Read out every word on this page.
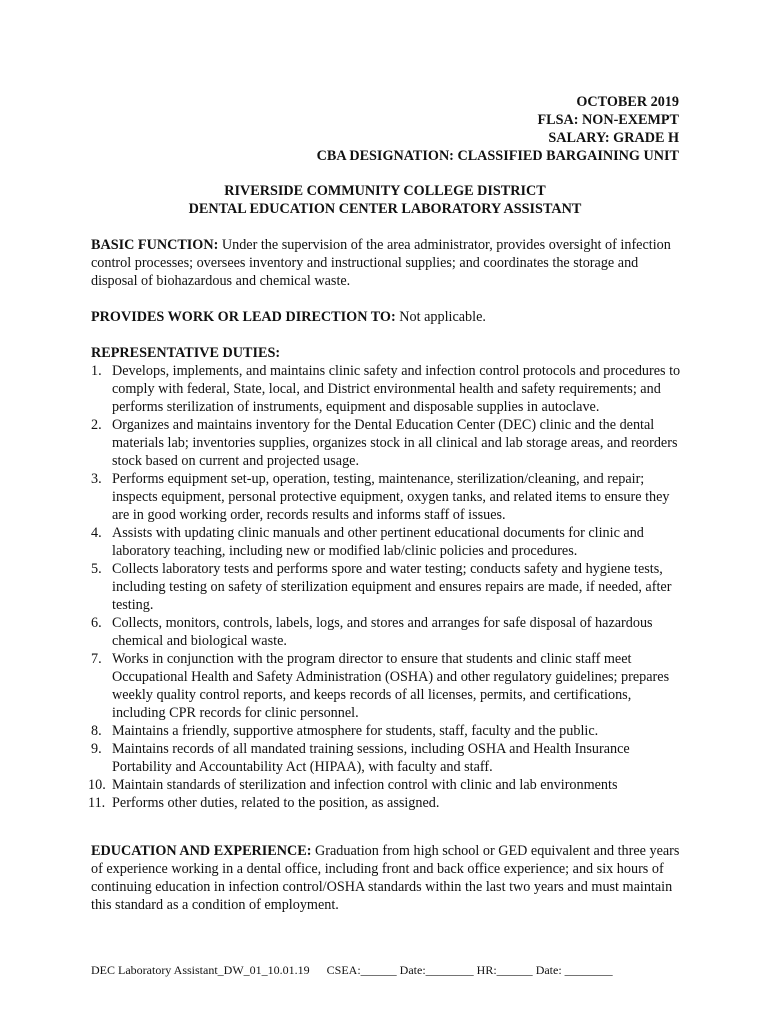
OCTOBER 2019
FLSA: NON-EXEMPT
SALARY: GRADE H
CBA DESIGNATION: CLASSIFIED BARGAINING UNIT
RIVERSIDE COMMUNITY COLLEGE DISTRICT
DENTAL EDUCATION CENTER LABORATORY ASSISTANT
BASIC FUNCTION: Under the supervision of the area administrator, provides oversight of infection control processes; oversees inventory and instructional supplies; and coordinates the storage and disposal of biohazardous and chemical waste.
PROVIDES WORK OR LEAD DIRECTION TO: Not applicable.
REPRESENTATIVE DUTIES:
1. Develops, implements, and maintains clinic safety and infection control protocols and procedures to comply with federal, State, local, and District environmental health and safety requirements; and performs sterilization of instruments, equipment and disposable supplies in autoclave.
2. Organizes and maintains inventory for the Dental Education Center (DEC) clinic and the dental materials lab; inventories supplies, organizes stock in all clinical and lab storage areas, and reorders stock based on current and projected usage.
3. Performs equipment set-up, operation, testing, maintenance, sterilization/cleaning, and repair; inspects equipment, personal protective equipment, oxygen tanks, and related items to ensure they are in good working order, records results and informs staff of issues.
4. Assists with updating clinic manuals and other pertinent educational documents for clinic and laboratory teaching, including new or modified lab/clinic policies and procedures.
5. Collects laboratory tests and performs spore and water testing; conducts safety and hygiene tests, including testing on safety of sterilization equipment and ensures repairs are made, if needed, after testing.
6. Collects, monitors, controls, labels, logs, and stores and arranges for safe disposal of hazardous chemical and biological waste.
7. Works in conjunction with the program director to ensure that students and clinic staff meet Occupational Health and Safety Administration (OSHA) and other regulatory guidelines; prepares weekly quality control reports, and keeps records of all licenses, permits, and certifications, including CPR records for clinic personnel.
8. Maintains a friendly, supportive atmosphere for students, staff, faculty and the public.
9. Maintains records of all mandated training sessions, including OSHA and Health Insurance Portability and Accountability Act (HIPAA), with faculty and staff.
10. Maintain standards of sterilization and infection control with clinic and lab environments
11. Performs other duties, related to the position, as assigned.
EDUCATION AND EXPERIENCE: Graduation from high school or GED equivalent and three years of experience working in a dental office, including front and back office experience; and six hours of continuing education in infection control/OSHA standards within the last two years and must maintain this standard as a condition of employment.
DEC Laboratory Assistant_DW_01_10.01.19 CSEA:______ Date:________ HR:______ Date: ________
